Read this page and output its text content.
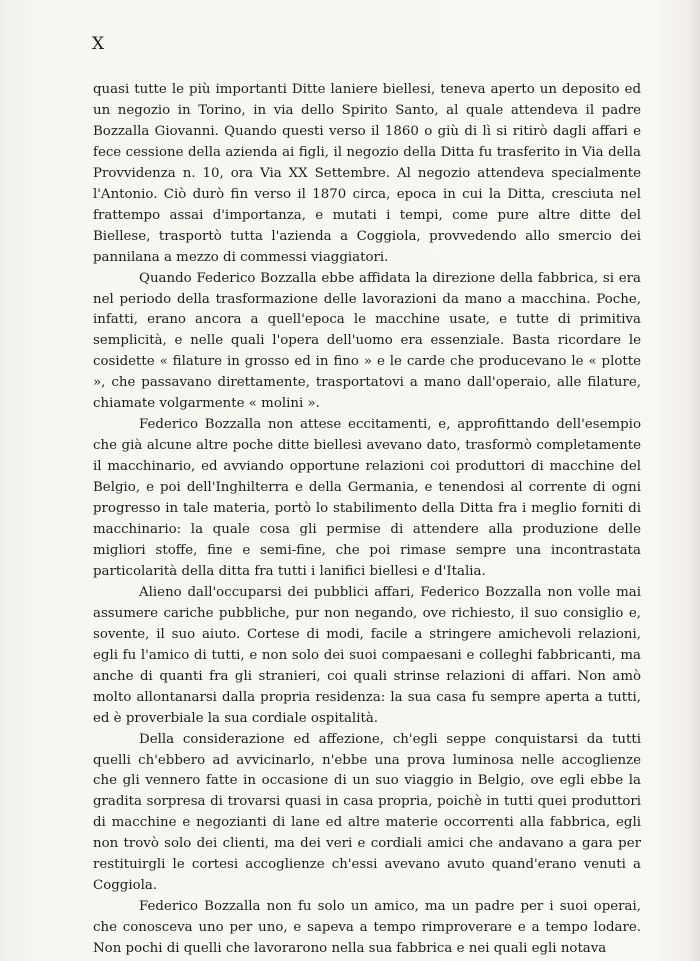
X

quasi tutte le più importanti Ditte laniere biellesi, teneva aperto un deposito ed un negozio in Torino, in via dello Spirito Santo, al quale attendeva il padre Bozzalla Giovanni. Quando questi verso il 1860 o giù di lì si ritirò dagli affari e fece cessione della azienda ai figli, il negozio della Ditta fu trasferito in Via della Provvidenza n. 10, ora Via XX Settembre. Al negozio attendeva specialmente l'Antonio. Ciò durò fin verso il 1870 circa, epoca in cui la Ditta, cresciuta nel frattempo assai d'importanza, e mutati i tempi, come pure altre ditte del Biellese, trasportò tutta l'azienda a Coggiola, provvedendo allo smercio dei pannilana a mezzo di commessi viaggiatori.

Quando Federico Bozzalla ebbe affidata la direzione della fabbrica, si era nel periodo della trasformazione delle lavorazioni da mano a macchina. Poche, infatti, erano ancora a quell'epoca le macchine usate, e tutte di primitiva semplicità, e nelle quali l'opera dell'uomo era essenziale. Basta ricordare le cosidette « filature in grosso ed in fino » e le carde che producevano le « plotte », che passavano direttamente, trasportatovi a mano dall'operaio, alle filature, chiamate volgarmente « molini ».

Federico Bozzalla non attese eccitamenti, e, approfittando dell'esempio che già alcune altre poche ditte biellesi avevano dato, trasformò completamente il macchinario, ed avviando opportune relazioni coi produttori di macchine del Belgio, e poi dell'Inghilterra e della Germania, e tenendosi al corrente di ogni progresso in tale materia, portò lo stabilimento della Ditta fra i meglio forniti di macchinario: la quale cosa gli permise di attendere alla produzione delle migliori stoffe, fine e semi-fine, che poi rimase sempre una incontrastata particolarità della ditta fra tutti i lanifici biellesi e d'Italia.

Alieno dall'occuparsi dei pubblici affari, Federico Bozzalla non volle mai assumere cariche pubbliche, pur non negando, ove richiesto, il suo consiglio e, sovente, il suo aiuto. Cortese di modi, facile a stringere amichevoli relazioni, egli fu l'amico di tutti, e non solo dei suoi compaesani e colleghi fabbricanti, ma anche di quanti fra gli stranieri, coi quali strinse relazioni di affari. Non amò molto allontanarsi dalla propria residenza: la sua casa fu sempre aperta a tutti, ed è proverbiale la sua cordiale ospitalità.

Della considerazione ed affezione, ch'egli seppe conquistarsi da tutti quelli ch'ebbero ad avvicinarlo, n'ebbe una prova luminosa nelle accoglienze che gli vennero fatte in occasione di un suo viaggio in Belgio, ove egli ebbe la gradita sorpresa di trovarsi quasi in casa propria, poichè in tutti quei produttori di macchine e negozianti di lane ed altre materie occorrenti alla fabbrica, egli non trovò solo dei clienti, ma dei veri e cordiali amici che andavano a gara per restituirgli le cortesi accoglienze ch'essi avevano avuto quand'erano venuti a Coggiola.

Federico Bozzalla non fu solo un amico, ma un padre per i suoi operai, che conosceva uno per uno, e sapeva a tempo rimproverare e a tempo lodare. Non pochi di quelli che lavorarono nella sua fabbrica e nei quali egli notava
